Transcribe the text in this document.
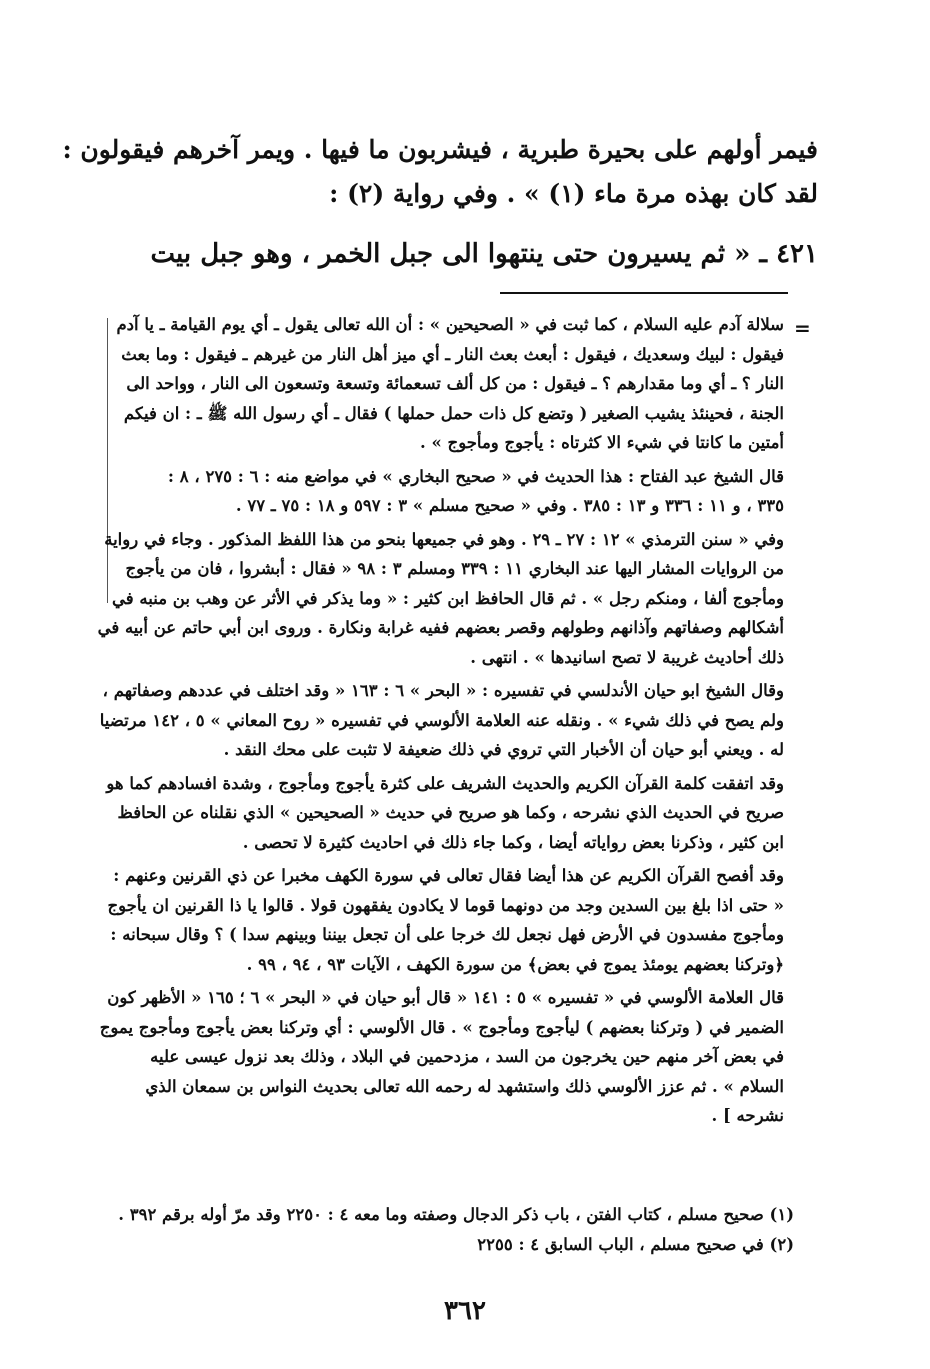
فيمر أولهم على بحيرة طبرية ، فيشربون ما فيها . ويمر آخرهم فيقولون :
لقد كان بهذه مرة ماء (١) » . وفي رواية (٢) :
٤٢١ ـ « ثم يسيرون حتى ينتهوا الى جبل الخمر ، وهو جبل بيت
=
سلالة آدم عليه السلام ، كما ثبت في « الصحيحين » : أن الله تعالى يقول ـ أي يوم القيامة ـ يا آدم
فيقول : لبيك وسعديك ، فيقول : أبعث بعث النار ـ أي ميز أهل النار من غيرهم ـ فيقول : وما بعث
النار ؟ ـ أي وما مقدارهم ؟ ـ فيقول : من كل ألف تسعمائة وتسعة وتسعون الى النار ، وواحد الى
الجنة ، فحينئذ يشيب الصغير ( وتضع كل ذات حمل حملها ) فقال ـ أي رسول الله ﷺ ـ : ان فيكم
أمتين ما كانتا في شيء الا كثرتاه : يأجوج ومأجوج » .
قال الشيخ عبد الفتاح : هذا الحديث في « صحيح البخاري » في مواضع منه : ٦ : ٢٧٥ ، ٨ :
٣٣٥ ، و ١١ : ٣٣٦ و ١٣ : ٣٨٥ . وفي « صحيح مسلم » ٣ : ٥٩٧ و ١٨ : ٧٥ ـ ٧٧ .
وفي « سنن الترمذي » ١٢ : ٢٧ ـ ٢٩ . وهو في جميعها بنحو من هذا اللفظ المذكور . وجاء في رواية
من الروايات المشار اليها عند البخاري ١١ : ٣٣٩ ومسلم ٣ : ٩٨ « فقال : أبشروا ، فان من يأجوج
ومأجوج ألفا ، ومنكم رجل » . ثم قال الحافظ ابن كثير : « وما يذكر في الأثر عن وهب بن منبه في
أشكالهم وصفاتهم وآذانهم وطولهم وقصر بعضهم ففيه غرابة ونكارة . وروى ابن أبي حاتم عن أبيه في
ذلك أحاديث غريبة لا تصح اسانيدها » . انتهى .
وقال الشيخ ابو حيان الأندلسي في تفسيره : « البحر » ٦ : ١٦٣ « وقد اختلف في عددهم وصفاتهم ،
ولم يصح في ذلك شيء » . ونقله عنه العلامة الألوسي في تفسيره « روح المعاني » ٥ ، ١٤٢ مرتضيا
له . ويعني أبو حيان أن الأخبار التي تروي في ذلك ضعيفة لا تثبت على محك النقد .
وقد اتفقت كلمة القرآن الكريم والحديث الشريف على كثرة يأجوج ومأجوج ، وشدة افسادهم كما هو
صريح في الحديث الذي نشرحه ، وكما هو صريح في حديث « الصحيحين » الذي نقلناه عن الحافظ
ابن كثير ، وذكرنا بعض رواياته أيضا ، وكما جاء ذلك في احاديث كثيرة لا تحصى .
وقد أفصح القرآن الكريم عن هذا أيضا فقال تعالى في سورة الكهف مخبرا عن ذي القرنين وعنهم :
« حتى اذا بلغ بين السدين وجد من دونهما قوما لا يكادون يفقهون قولا . قالوا يا ذا القرنين ان يأجوج
ومأجوج مفسدون في الأرض فهل نجعل لك خرجا على أن تجعل بيننا وبينهم سدا ) ؟ وقال سبحانه :
﴿وتركنا بعضهم يومئذ يموج في بعض﴾ من سورة الكهف ، الآيات ٩٣ ، ٩٤ ، ٩٩ .
قال العلامة الألوسي في « تفسيره » ٥ : ١٤١ « قال أبو حيان في « البحر » ٦ ؛ ١٦٥ « الأظهر كون
الضمير في ( وتركنا بعضهم ) ليأجوج ومأجوج » . قال الألوسي : أي وتركنا بعض يأجوج ومأجوج يموج
في بعض آخر منهم حين يخرجون من السد ، مزدحمين في البلاد ، وذلك بعد نزول عيسى عليه
السلام » . ثم عزز الألوسي ذلك واستشهد له رحمه الله تعالى بحديث النواس بن سمعان الذي
نشرحه ] .
(١) صحيح مسلم ، كتاب الفتن ، باب ذكر الدجال وصفته وما معه ٤ : ٢٢٥٠ وقد مرّ أوله برقم ٣٩٢ .
(٢) في صحيح مسلم ، الباب السابق ٤ : ٢٢٥٥
٣٦٢
